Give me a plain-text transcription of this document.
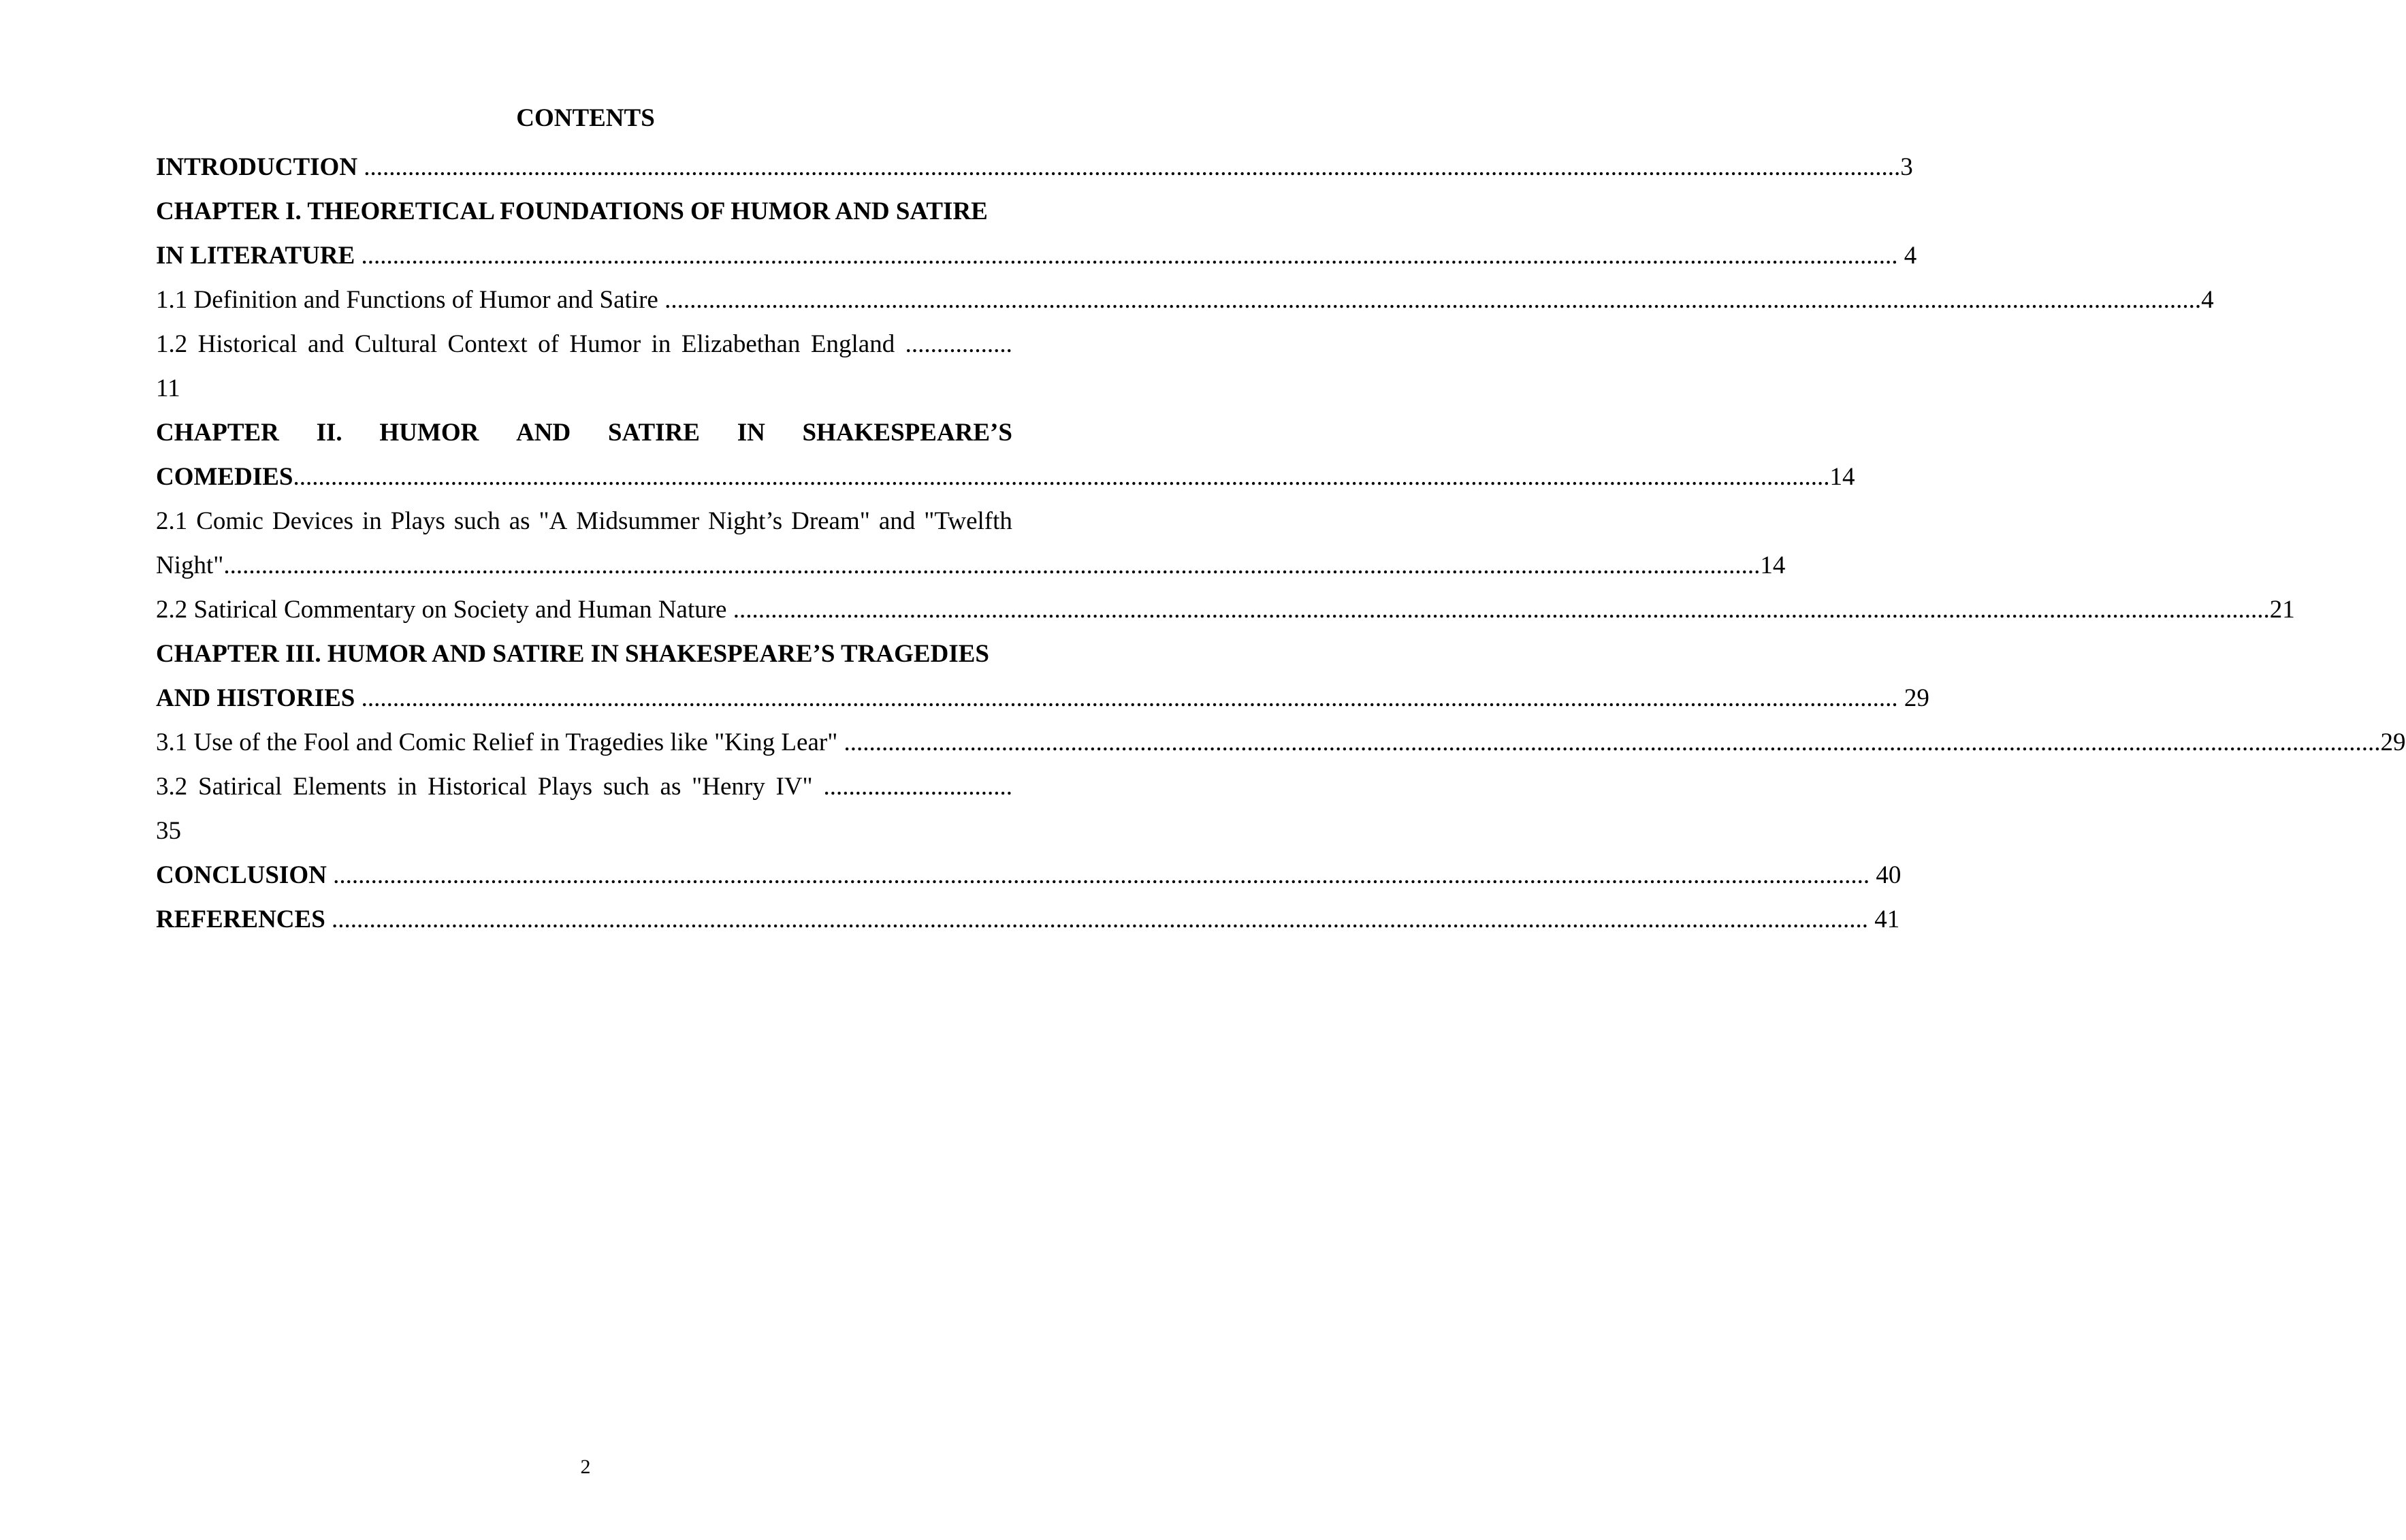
CONTENTS
INTRODUCTION .................................................................................................................................................................................................................................................... 3
CHAPTER I. THEORETICAL FOUNDATIONS OF HUMOR AND SATIRE
IN LITERATURE .................................................................................................................................................................................................................................................... 4
1.1 Definition and Functions of Humor and Satire .................................................................................................................................................................................................................................................... 4
1.2 Historical and Cultural Context of Humor in Elizabethan England .................
11
CHAPTER II. HUMOR AND SATIRE IN SHAKESPEARE’S
COMEDIES .................................................................................................................................................................................................................................................... 14
2.1 Comic Devices in Plays such as "A Midsummer Night’s Dream" and "Twelfth
Night" .................................................................................................................................................................................................................................................... 14
2.2 Satirical Commentary on Society and Human Nature .................................................................................................................................................................................................................................................... 21
CHAPTER III. HUMOR AND SATIRE IN SHAKESPEARE’S TRAGEDIES
AND HISTORIES .................................................................................................................................................................................................................................................... 29
3.1 Use of the Fool and Comic Relief in Tragedies like "King Lear" .................................................................................................................................................................................................................................................... 29
3.2 Satirical Elements in Historical Plays such as "Henry IV" ..............................
35
CONCLUSION .................................................................................................................................................................................................................................................... 40
REFERENCES .................................................................................................................................................................................................................................................... 41
2
